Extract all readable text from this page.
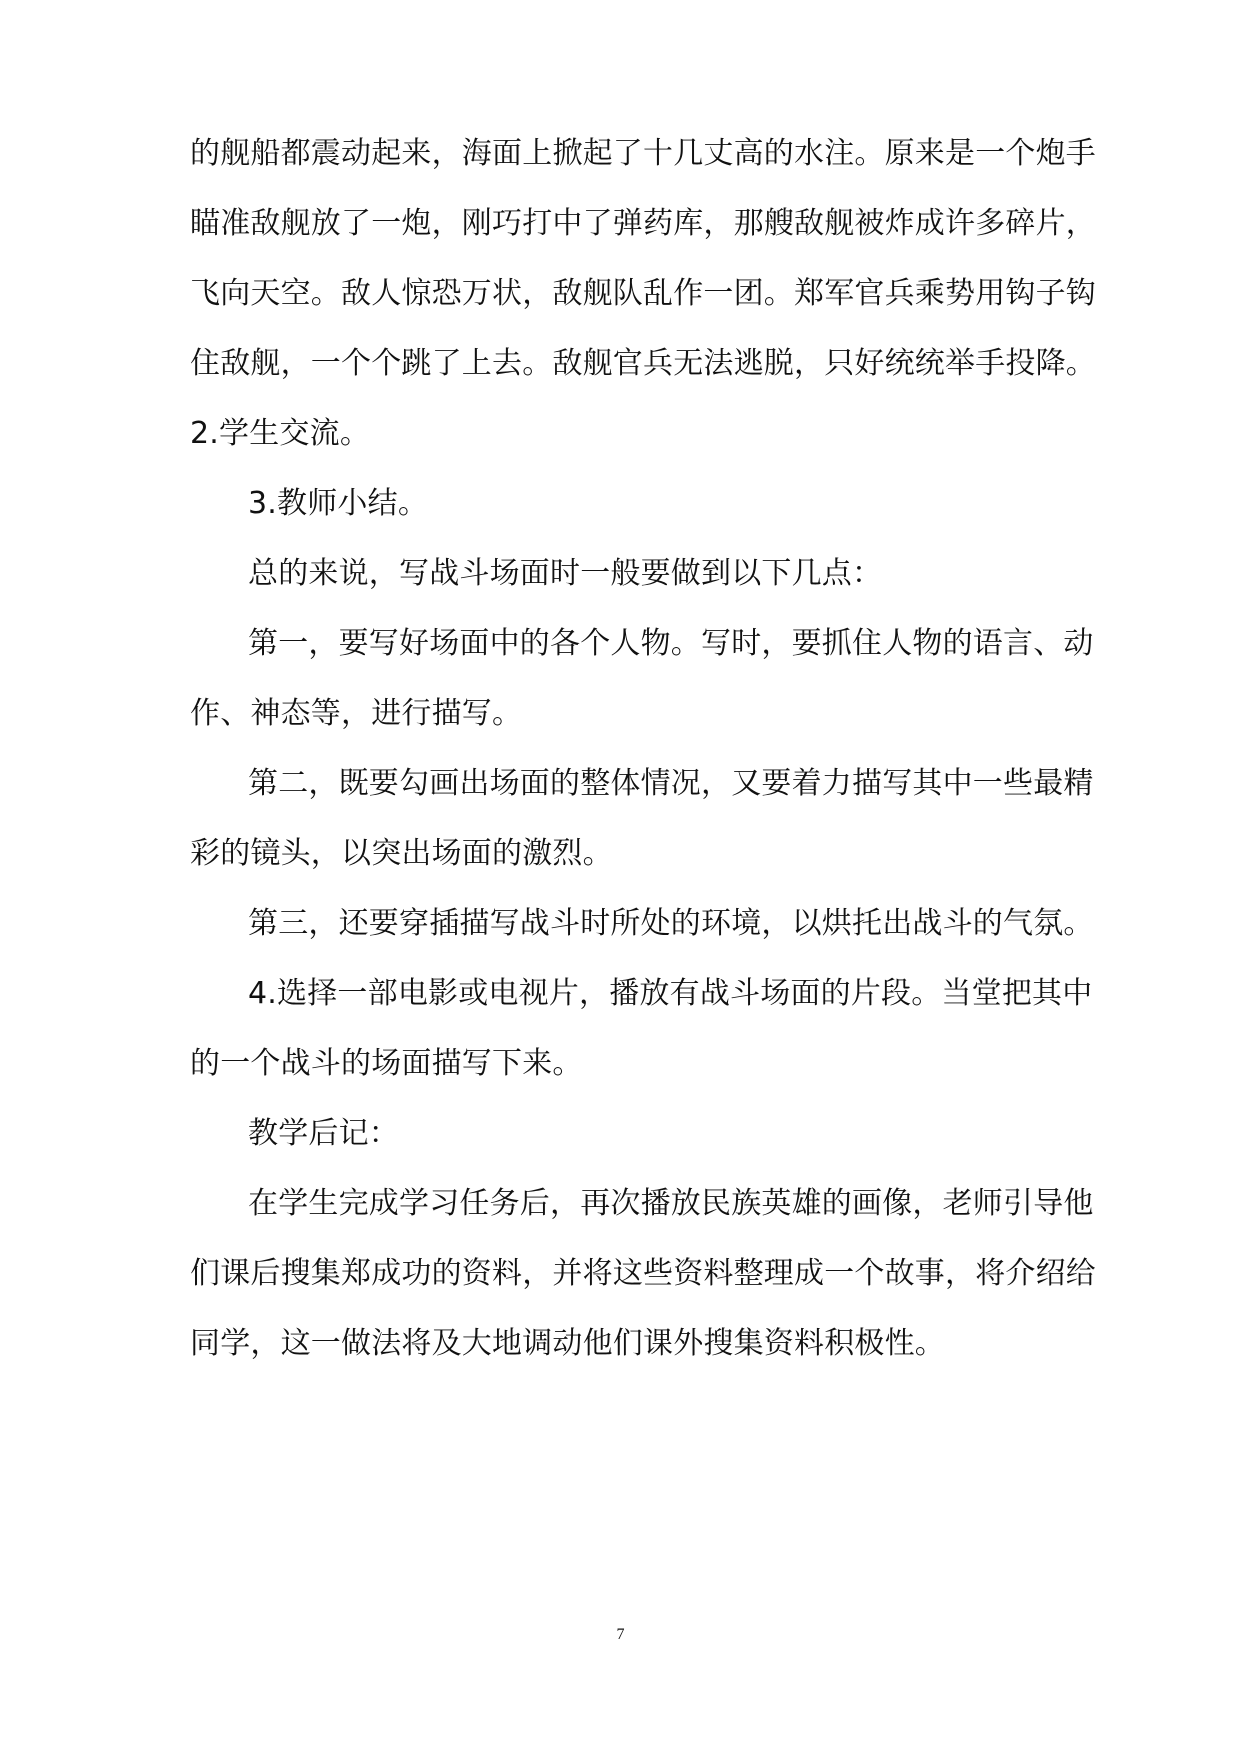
的舰船都震动起来，海面上掀起了十几丈高的水注。原来是一个炮手
瞄准敌舰放了一炮，刚巧打中了弹药库，那艘敌舰被炸成许多碎片，
飞向天空。敌人惊恐万状，敌舰队乱作一团。郑军官兵乘势用钩子钩
住敌舰，一个个跳了上去。敌舰官兵无法逃脱，只好统统举手投降。
2.学生交流。
3.教师小结。
总的来说，写战斗场面时一般要做到以下几点：
第一，要写好场面中的各个人物。写时，要抓住人物的语言、动
作、神态等，进行描写。
第二，既要勾画出场面的整体情况，又要着力描写其中一些最精
彩的镜头，以突出场面的激烈。
第三，还要穿插描写战斗时所处的环境，以烘托出战斗的气氛。
4.选择一部电影或电视片，播放有战斗场面的片段。当堂把其中
的一个战斗的场面描写下来。
教学后记：
在学生完成学习任务后，再次播放民族英雄的画像，老师引导他
们课后搜集郑成功的资料，并将这些资料整理成一个故事，将介绍给
同学，这一做法将及大地调动他们课外搜集资料积极性。
7
